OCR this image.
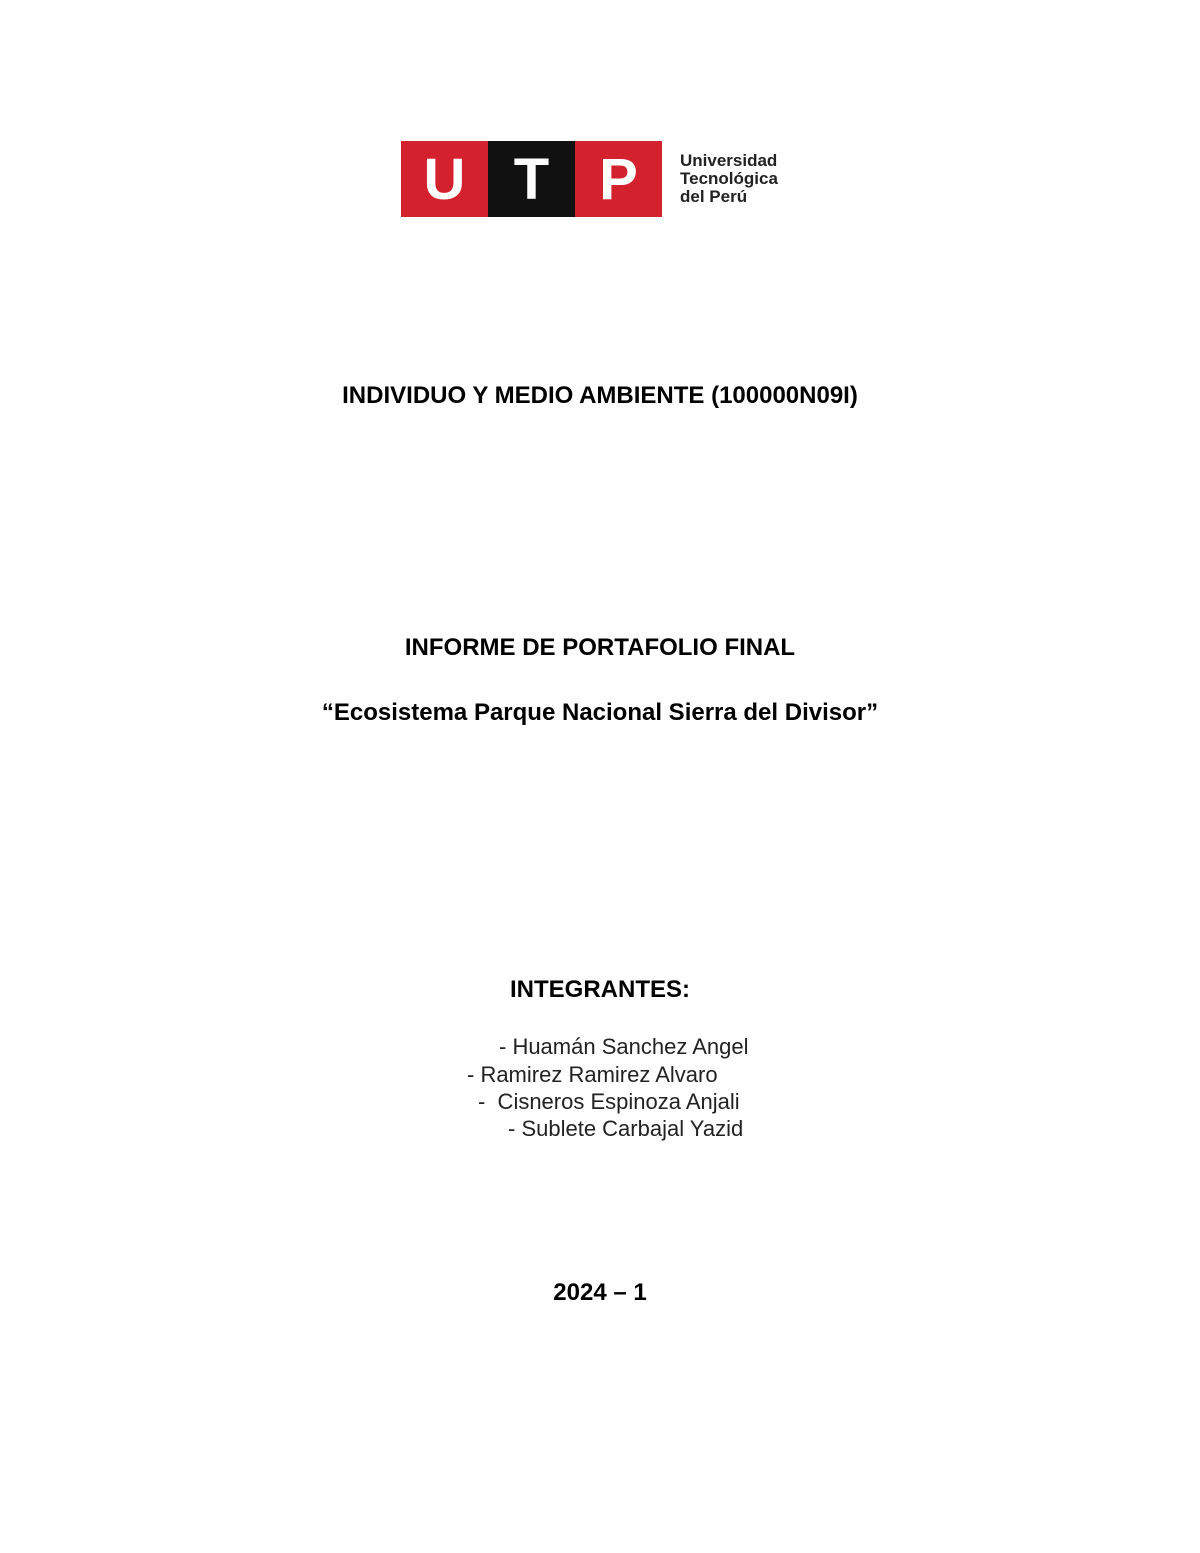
U T P	Universidad
Tecnológica
del Perú

INDIVIDUO Y MEDIO AMBIENTE (100000N09I)

INFORME DE PORTAFOLIO FINAL

“Ecosistema Parque Nacional Sierra del Divisor”

INTEGRANTES:

- Huamán Sanchez Angel
- Ramirez Ramirez Alvaro
-  Cisneros Espinoza Anjali
- Sublete Carbajal Yazid

2024 – 1
